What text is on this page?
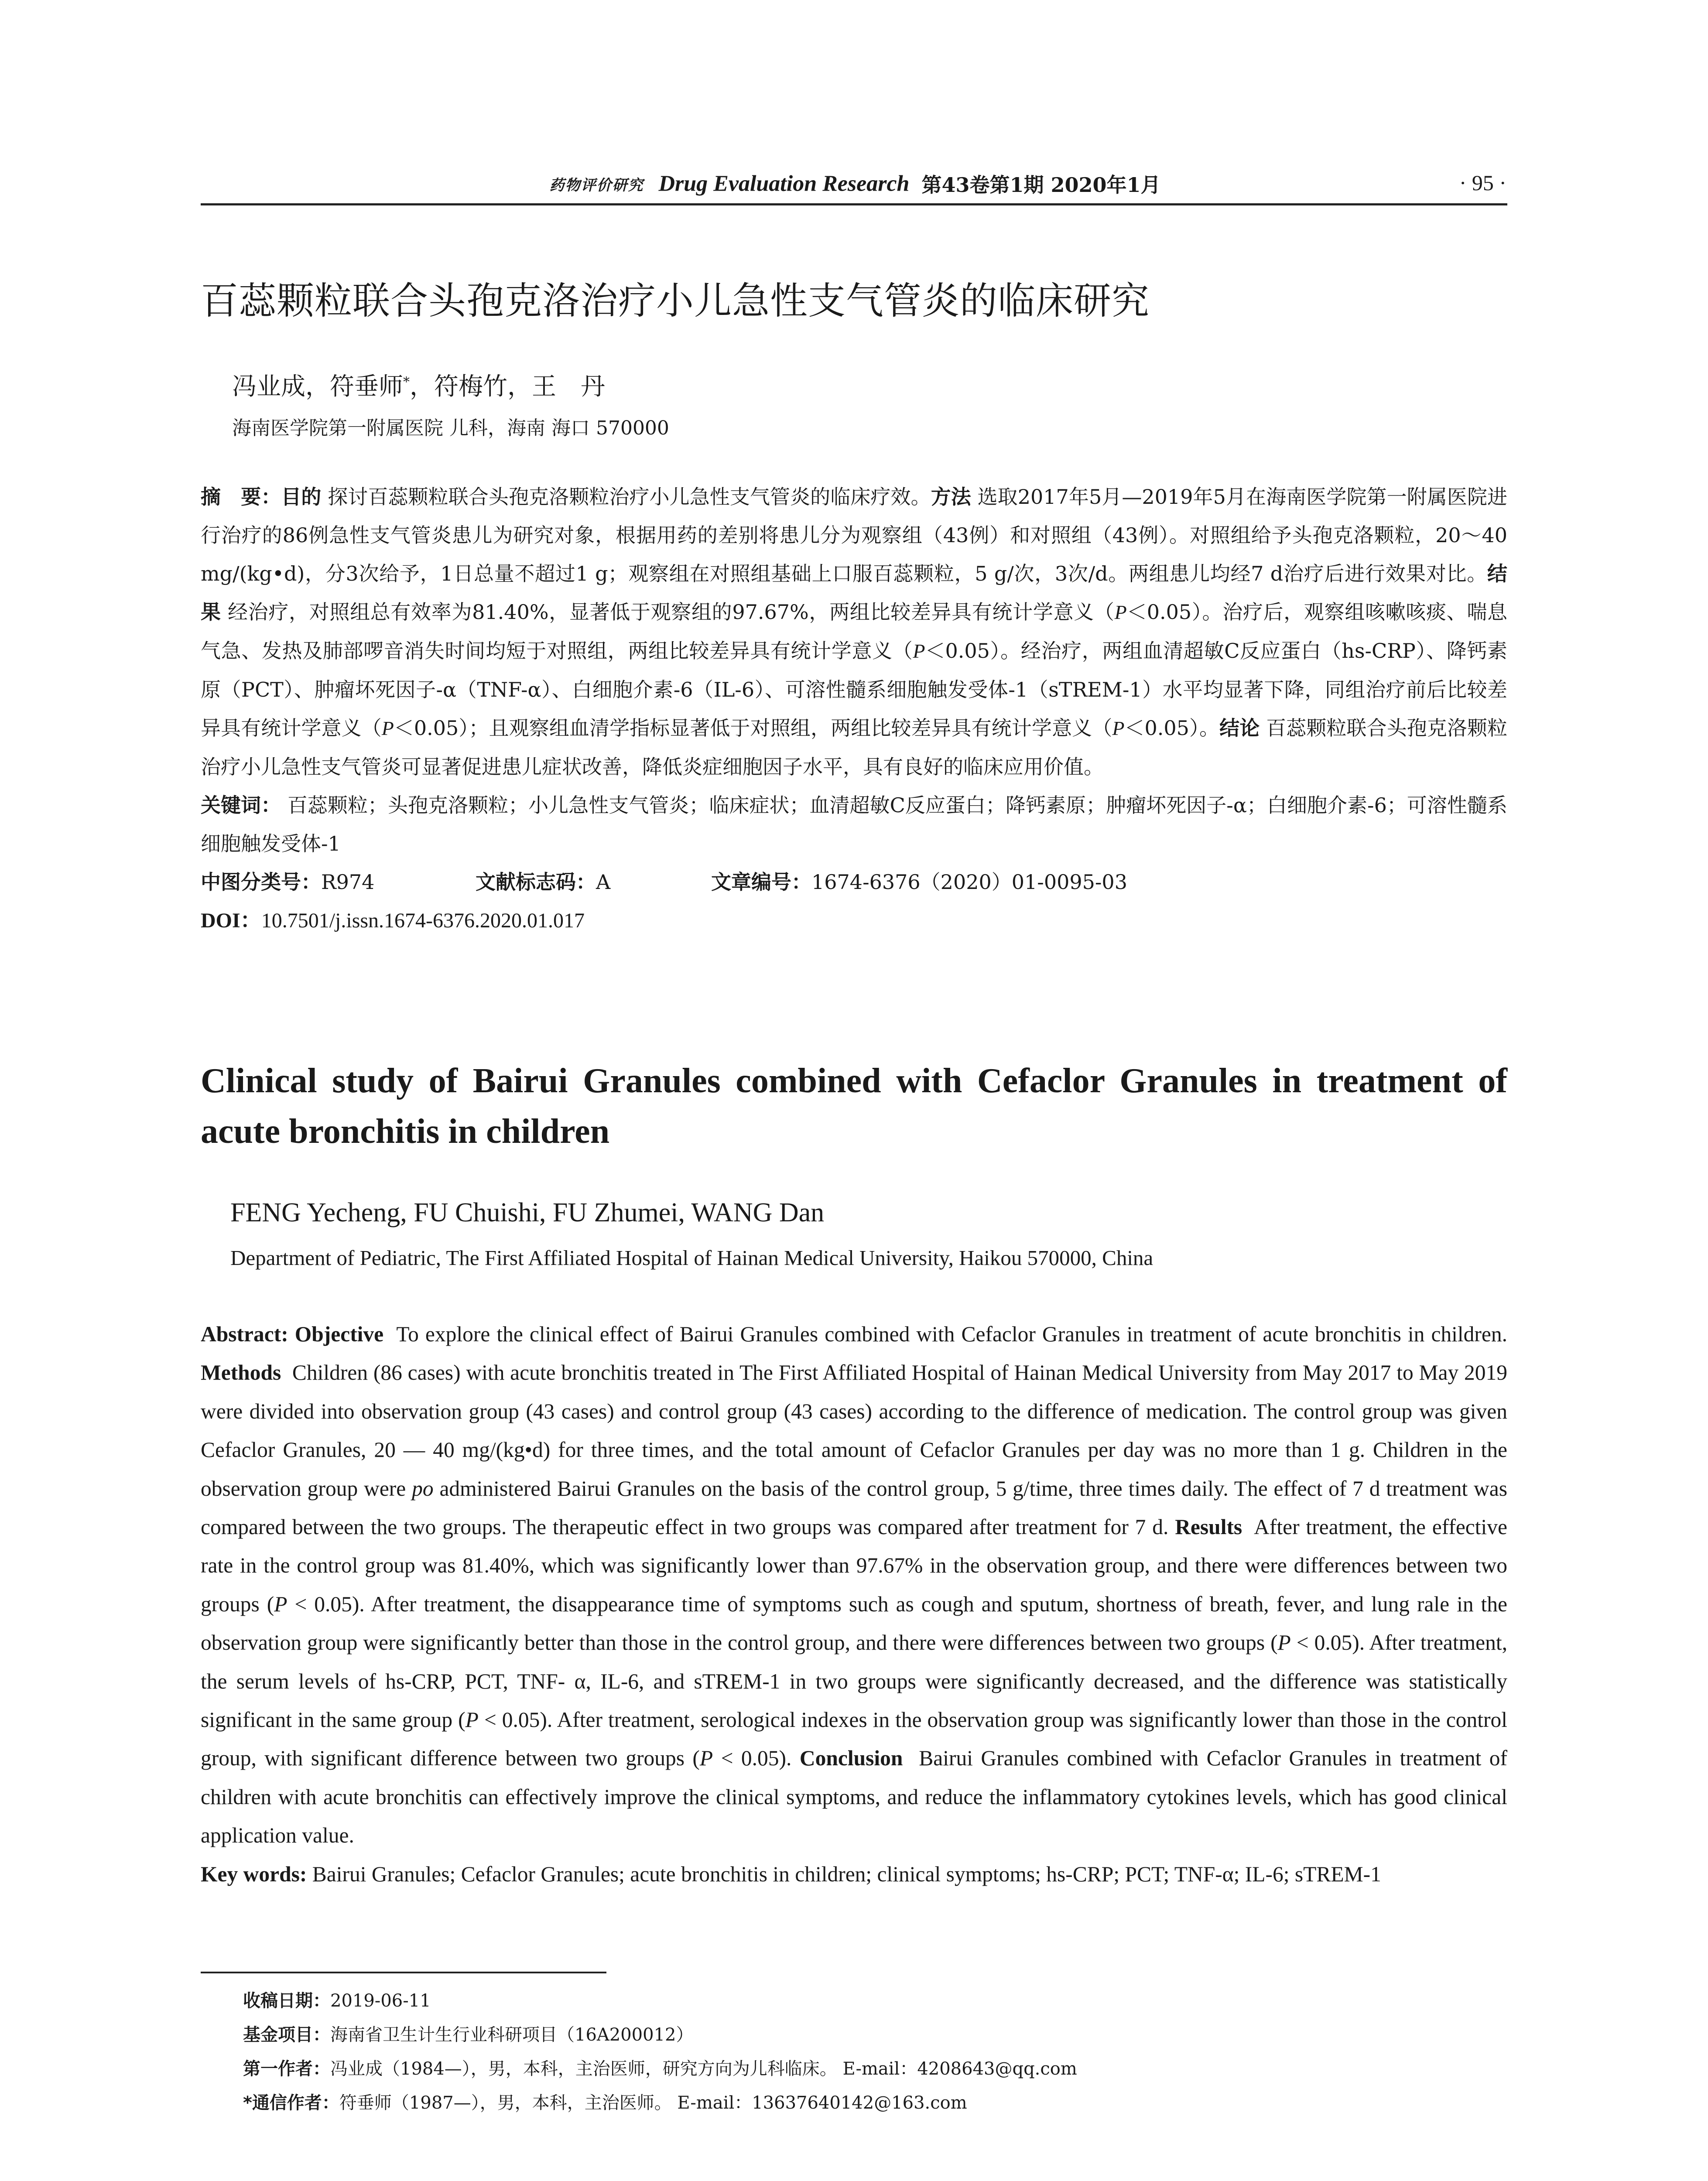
药物评价研究 Drug Evaluation Research 第43卷第1期 2020年1月	· 95 ·
百蕊颗粒联合头孢克洛治疗小儿急性支气管炎的临床研究
冯业成，符垂师*，符梅竹，王　丹
海南医学院第一附属医院 儿科，海南 海口 570000

摘　要：目的 探讨百蕊颗粒联合头孢克洛颗粒治疗小儿急性支气管炎的临床疗效。方法 选取2017年5月—2019年5月在海南医学院第一附属医院进行治疗的86例急性支气管炎患儿为研究对象，根据用药的差别将患儿分为观察组（43例）和对照组（43例）。对照组给予头孢克洛颗粒，20～40 mg/(kg•d)，分3次给予，1日总量不超过1 g；观察组在对照组基础上口服百蕊颗粒，5 g/次，3次/d。两组患儿均经7 d治疗后进行效果对比。结果 经治疗，对照组总有效率为81.40%，显著低于观察组的97.67%，两组比较差异具有统计学意义（P＜0.05）。治疗后，观察组咳嗽咳痰、喘息气急、发热及肺部啰音消失时间均短于对照组，两组比较差异具有统计学意义（P＜0.05）。经治疗，两组血清超敏C反应蛋白（hs-CRP）、降钙素原（PCT）、肿瘤坏死因子-α（TNF-α）、白细胞介素-6（IL-6）、可溶性髓系细胞触发受体-1（sTREM-1）水平均显著下降，同组治疗前后比较差异具有统计学意义（P＜0.05）；且观察组血清学指标显著低于对照组，两组比较差异具有统计学意义（P＜0.05）。结论 百蕊颗粒联合头孢克洛颗粒治疗小儿急性支气管炎可显著促进患儿症状改善，降低炎症细胞因子水平，具有良好的临床应用价值。

关键词： 百蕊颗粒；头孢克洛颗粒；小儿急性支气管炎；临床症状；血清超敏C反应蛋白；降钙素原；肿瘤坏死因子-α；白细胞介素-6；可溶性髓系细胞触发受体-1

中图分类号：R974	文献标志码：A	文章编号：1674-6376（2020）01-0095-03

DOI：10.7501/j.issn.1674-6376.2020.01.017

Clinical study of Bairui Granules combined with Cefaclor Granules in treatment of acute bronchitis in children
FENG Yecheng, FU Chuishi, FU Zhumei, WANG Dan
Department of Pediatric, The First Affiliated Hospital of Hainan Medical University, Haikou 570000, China

Abstract: Objective To explore the clinical effect of Bairui Granules combined with Cefaclor Granules in treatment of acute bronchitis in children. Methods Children (86 cases) with acute bronchitis treated in The First Affiliated Hospital of Hainan Medical University from May 2017 to May 2019 were divided into observation group (43 cases) and control group (43 cases) according to the difference of medication. The control group was given Cefaclor Granules, 20 — 40 mg/(kg•d) for three times, and the total amount of Cefaclor Granules per day was no more than 1 g. Children in the observation group were po administered Bairui Granules on the basis of the control group, 5 g/time, three times daily. The effect of 7 d treatment was compared between the two groups. The therapeutic effect in two groups was compared after treatment for 7 d. Results After treatment, the effective rate in the control group was 81.40%, which was significantly lower than 97.67% in the observation group, and there were differences between two groups (P < 0.05). After treatment, the disappearance time of symptoms such as cough and sputum, shortness of breath, fever, and lung rale in the observation group were significantly better than those in the control group, and there were differences between two groups (P < 0.05). After treatment, the serum levels of hs-CRP, PCT, TNF- α, IL-6, and sTREM-1 in two groups were significantly decreased, and the difference was statistically significant in the same group (P < 0.05). After treatment, serological indexes in the observation group was significantly lower than those in the control group, with significant difference between two groups (P < 0.05). Conclusion Bairui Granules combined with Cefaclor Granules in treatment of children with acute bronchitis can effectively improve the clinical symptoms, and reduce the inflammatory cytokines levels, which has good clinical application value.

Key words: Bairui Granules; Cefaclor Granules; acute bronchitis in children; clinical symptoms; hs-CRP; PCT; TNF-α; IL-6; sTREM-1

收稿日期：2019-06-11
基金项目：海南省卫生计生行业科研项目（16A200012）
第一作者：冯业成（1984—），男，本科，主治医师，研究方向为儿科临床。 E-mail：4208643@qq.com
*通信作者：符垂师（1987—），男，本科，主治医师。 E-mail：13637640142@163.com
